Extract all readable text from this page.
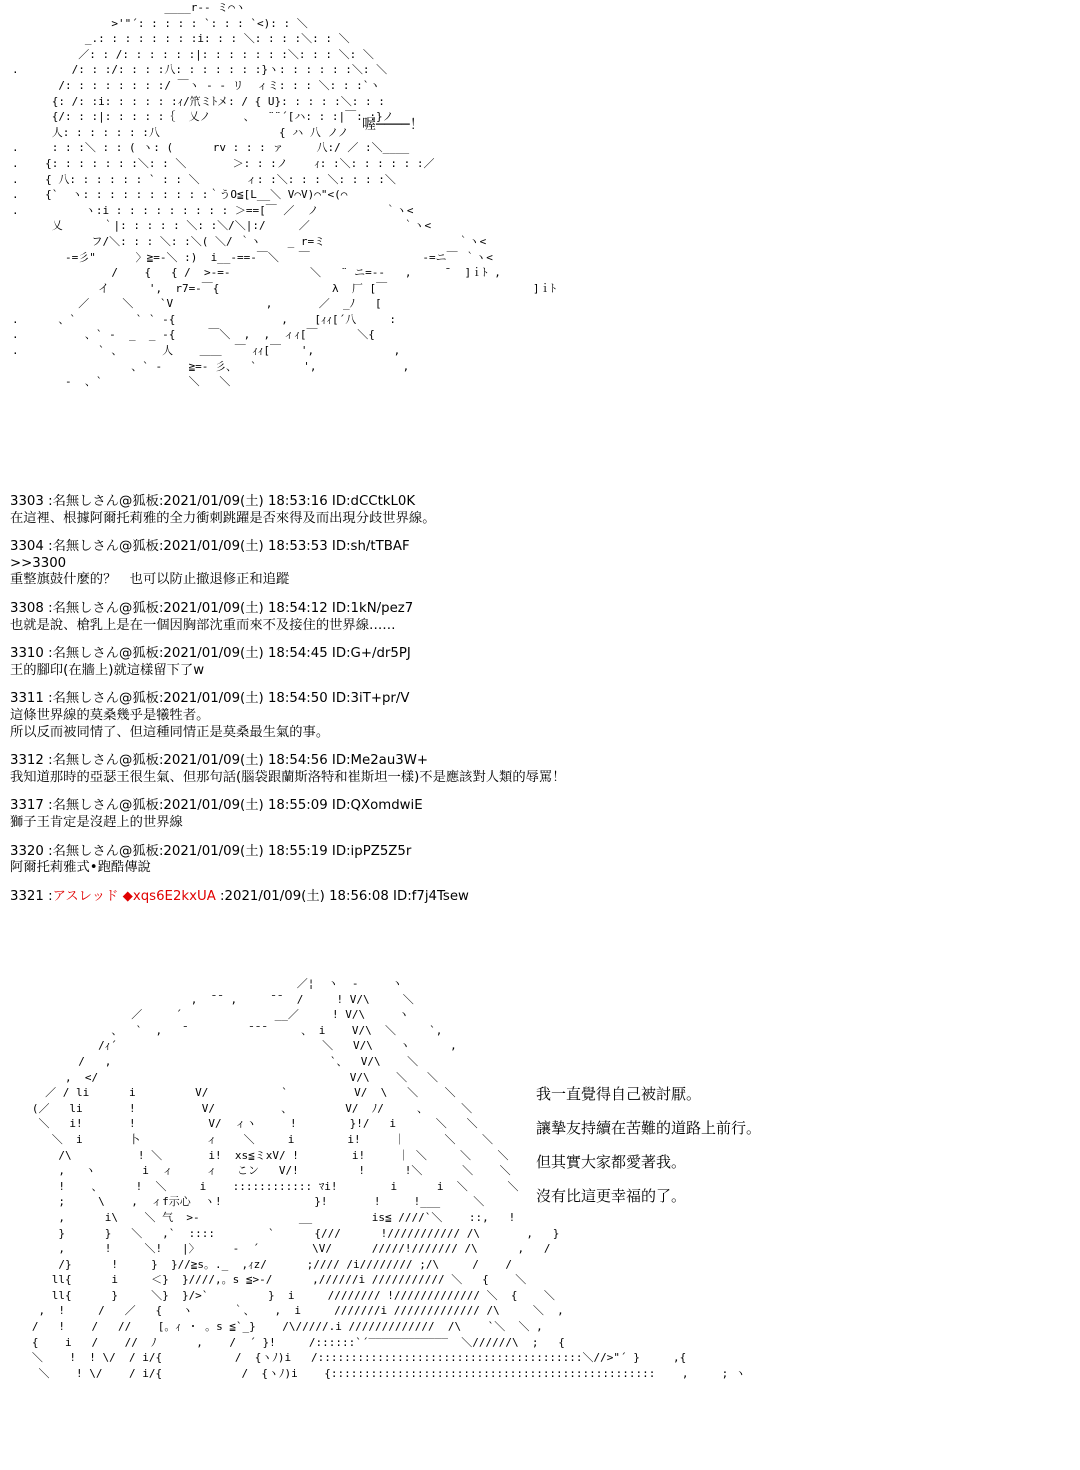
____r-- ミ⌒ヽ
>'"´: : : : : `: : : `<): : ＼
_.: : : : : : : :i: : : ＼: : : :＼: : ＼
／: : /: : : : : :|: : : : : : :＼: : : ＼: ＼
.        /: : :/: : : :八: : : : : : :}ヽ: : : : : :＼: ＼
/: : : : : : : :/ ￣ヽ - ‐ リ  ィミ: : : ＼: : :`ヽ
{: /: :i: : : : : :ｨ/笊ミﾄメ: / { U}: : : : :＼: : :
{/: : :|: : : : :｛  乂ノ     、  ¨¨´[ハ: : :|￣: :}ノ
人: : : : : : :八                  { ハ 八 ノノ
.     : : :＼ : : ( ヽ: (      rv : : : ァ     八:/ ／ :＼____
.    {: : : : : : :＼: : ＼       ＞: : :ノ    ｨ: :＼: : : : : :／
.    { 八: : : : : : ` : : ＼       ィ: :＼: : : ＼: : : :＼
.    {`  ヽ: : : : : : : : : :｀うO≦[L__＼ V⌒V)⌒"<(⌒
.          ヽ:i : : : : : : : : : ＞==[￣ ／  ノ          ｀ヽ<
乂      ｀|: : : : : ＼: :＼/＼|:/     ／              ｀ヽ<
フ/＼: : : ＼: :＼( ＼/ ｀ヽ    _ r=ミ                    ｀ヽ<
-=彡"      〉≧=-＼ :)  i__-==-￣＼   ￣                 -=ニ￣ ｀ヽ<
/    {   { /  >-=-            ＼   ¨ ニ=-‐   ,     ¯  ]ｉﾄ ,
イ      ',  r7=-￣{                 λ  厂 [￣                      ]ｉﾄ
／     ＼    `V              ,       ／  _ﾉ   [
.      、`         ` ` -{                ,    [ｨｨ[´八     :
.          、` -  _  _ -{     ￣＼  ,  ,  ィｨ[￣      ＼{
.            ` 、      人    ＿＿  ￣ ｨｨ[￣   ',            ,
、` -    ≧=- 彡、  `       ',             ,
-  、`             ＼   ＼
喔────！
3303 :名無しさん@狐板:2021/01/09(土) 18:53:16 ID:dCCtkL0K
在這裡、根據阿爾托莉雅的全力衝刺跳躍是否來得及而出現分歧世界線。
3304 :名無しさん@狐板:2021/01/09(土) 18:53:53 ID:sh/tTBAF
>>3300
重整旗鼓什麼的？　也可以防止撤退修正和追蹤
3308 :名無しさん@狐板:2021/01/09(土) 18:54:12 ID:1kN/pez7
也就是說、槍乳上是在一個因胸部沈重而來不及接住的世界線……
3310 :名無しさん@狐板:2021/01/09(土) 18:54:45 ID:G+/dr5PJ
王的腳印(在牆上)就這樣留下了w
3311 :名無しさん@狐板:2021/01/09(土) 18:54:50 ID:3iT+pr/V
這條世界線的莫桑幾乎是犧牲者。
所以反而被同情了、但這種同情正是莫桑最生氣的事。
3312 :名無しさん@狐板:2021/01/09(土) 18:54:56 ID:Me2au3W+
我知道那時的亞瑟王很生氣、但那句話(腦袋跟蘭斯洛特和崔斯坦一樣)不是應該對人類的辱罵！
3317 :名無しさん@狐板:2021/01/09(土) 18:55:09 ID:QXomdwiE
獅子王肯定是沒趕上的世界線
3320 :名無しさん@狐板:2021/01/09(土) 18:55:19 ID:ipPZ5Z5r
阿爾托莉雅式•跑酷傳說
3321 :アスレッド ◆xqs6E2kxUA :2021/01/09(土) 18:56:08 ID:f7j4Tsew
／¦  ヽ  -     ヽ
,  ¯¯ ,     ¯¯  /     ! V/\     ＼
／     ´              __／     ! V/\     ヽ
、  `  ,   ¯         ¯¯¯     、 i    V/\  ＼     `,
/ｨ´                               ＼   V/\    ヽ      ,
/   ,                                 `、  V/\    ＼
,  </                                      V/\    ＼   ＼
／ / li      i         V/           `          V/  \   ＼    ＼
(／   li       !          V/          、        V/  ﾉ/     、     ＼
＼   i!       !           V/  ィヽ     !        }!/   i      ＼   ＼
＼  i       卜          ィ    ＼     i        i!     ｜      ＼    ＼
/\          ! ＼       i!  xs≦ミxV/ !        i!     ｜ ＼     ＼    ＼
,   ヽ       i  ィ     ィ   こン   V/!         !      !＼      ＼    ＼
!    、     !  ＼     i    :::::::::::: ﾏi!        i      i  ＼      ＼
;     \    ,  ィf示心  ヽ!              }!       !     !___     ＼
,      i\    ＼ 气  >-               __         is≦ ////`＼    ::,   !
}      }   ＼   ,`  ::::        `      {///      !/////////// /\       ,   }
,      !     ＼!   |〉     -  ´        \V/      /////!/////// /\      ,   /
/}      !     }  }//≧s。._  ,ｨz/      ;//// /i//////// ;/\     /    /
ll{      i     ＜}  }////,。s ≦>-/      ,//////i /////////// ＼   {    ＼
ll{      }     ＼}  }/>`         }  i     //////// !///////////// ＼  {    ＼
,  !     /   ／   {   ヽ      ｀、   ,  i     ///////i ///////////// /\     ＼  ,
/   !    /   //    [。ｨ ・ 。s ≦`_}    /\/////.i /////////////  /\    `＼  ＼ ,
{    i   /    //  ﾉ      ,    /  ´ }!     /::::::`´‾‾‾‾‾‾‾‾‾‾‾‾  ＼//////\  ;   {
＼    !  ! \/  / i/{           /  {ヽﾉ)i   /::::::::::::::::::::::::::::::::::::::::＼//>"´ }     ,{
＼    ! \/    / i/{            /  {ヽﾉ)i    {:::::::::::::::::::::::::::::::::::::::::::::::::    ,     ; ヽ
我一直覺得自己被討厭。
讓摯友持續在苦難的道路上前行。
但其實大家都愛著我。
沒有比這更幸福的了。
